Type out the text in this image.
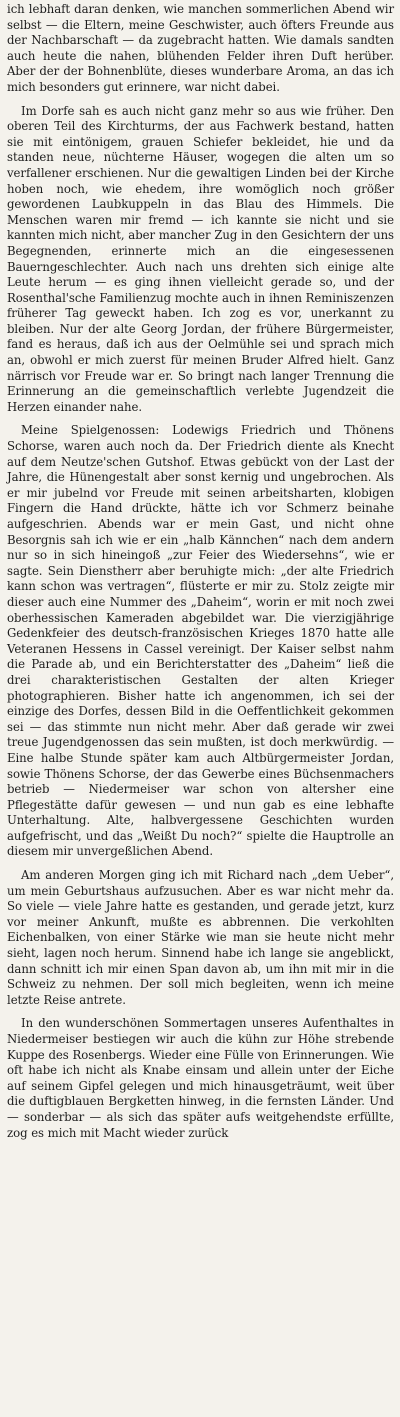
ich lebhaft daran denken, wie manchen sommerlichen Abend wir selbst — die Eltern, meine Geschwister, auch öfters Freunde aus der Nachbarschaft — da zugebracht hatten. Wie damals sandten auch heute die nahen, blühenden Felder ihren Duft herüber. Aber der der Bohnenblüte, dieses wunderbare Aroma, an das ich mich besonders gut erinnere, war nicht dabei.

Im Dorfe sah es auch nicht ganz mehr so aus wie früher. Den oberen Teil des Kirchturms, der aus Fachwerk bestand, hatten sie mit eintönigem, grauen Schiefer bekleidet, hie und da standen neue, nüchterne Häuser, wogegen die alten um so verfallener erschienen. Nur die gewaltigen Linden bei der Kirche hoben noch, wie ehedem, ihre womöglich noch größer gewordenen Laubkuppeln in das Blau des Himmels. Die Menschen waren mir fremd — ich kannte sie nicht und sie kannten mich nicht, aber mancher Zug in den Gesichtern der uns Begegnenden, erinnerte mich an die eingesessenen Bauerngeschlechter. Auch nach uns drehten sich einige alte Leute herum — es ging ihnen vielleicht gerade so, und der Rosenthal'sche Familienzug mochte auch in ihnen Reminiszenzen früherer Tag geweckt haben. Ich zog es vor, unerkannt zu bleiben. Nur der alte Georg Jordan, der frühere Bürgermeister, fand es heraus, daß ich aus der Oelmühle sei und sprach mich an, obwohl er mich zuerst für meinen Bruder Alfred hielt. Ganz närrisch vor Freude war er. So bringt nach langer Trennung die Erinnerung an die gemeinschaftlich verlebte Jugendzeit die Herzen einander nahe.

Meine Spielgenossen: Lodewigs Friedrich und Thönens Schorse, waren auch noch da. Der Friedrich diente als Knecht auf dem Neutze'schen Gutshof. Etwas gebückt von der Last der Jahre, die Hünengestalt aber sonst kernig und ungebrochen. Als er mir jubelnd vor Freude mit seinen arbeitsharten, klobigen Fingern die Hand drückte, hätte ich vor Schmerz beinahe aufgeschrien. Abends war er mein Gast, und nicht ohne Besorgnis sah ich wie er ein „halb Kännchen“ nach dem andern nur so in sich hineingoß „zur Feier des Wiedersehns“, wie er sagte. Sein Dienstherr aber beruhigte mich: „der alte Friedrich kann schon was vertragen“, flüsterte er mir zu. Stolz zeigte mir dieser auch eine Nummer des „Daheim“, worin er mit noch zwei oberhessischen Kameraden abgebildet war. Die vierzigjährige Gedenkfeier des deutsch-französischen Krieges 1870 hatte alle Veteranen Hessens in Cassel vereinigt. Der Kaiser selbst nahm die Parade ab, und ein Berichterstatter des „Daheim“ ließ die drei charakteristischen Gestalten der alten Krieger photographieren. Bisher hatte ich angenommen, ich sei der einzige des Dorfes, dessen Bild in die Oeffentlichkeit gekommen sei — das stimmte nun nicht mehr. Aber daß gerade wir zwei treue Jugendgenossen das sein mußten, ist doch merkwürdig. — Eine halbe Stunde später kam auch Altbürgermeister Jordan, sowie Thönens Schorse, der das Gewerbe eines Büchsenmachers betrieb — Niedermeiser war schon von altersher eine Pflegestätte dafür gewesen — und nun gab es eine lebhafte Unterhaltung. Alte, halbvergessene Geschichten wurden aufgefrischt, und das „Weißt Du noch?“ spielte die Hauptrolle an diesem mir unvergeßlichen Abend.

Am anderen Morgen ging ich mit Richard nach „dem Ueber“, um mein Geburtshaus aufzusuchen. Aber es war nicht mehr da. So viele — viele Jahre hatte es gestanden, und gerade jetzt, kurz vor meiner Ankunft, mußte es abbrennen. Die verkohlten Eichenbalken, von einer Stärke wie man sie heute nicht mehr sieht, lagen noch herum. Sinnend habe ich lange sie angeblickt, dann schnitt ich mir einen Span davon ab, um ihn mit mir in die Schweiz zu nehmen. Der soll mich begleiten, wenn ich meine letzte Reise antrete.

In den wunderschönen Sommertagen unseres Aufenthaltes in Niedermeiser bestiegen wir auch die kühn zur Höhe strebende Kuppe des Rosenbergs. Wieder eine Fülle von Erinnerungen. Wie oft habe ich nicht als Knabe einsam und allein unter der Eiche auf seinem Gipfel gelegen und mich hinausgeträumt, weit über die duftigblauen Bergketten hinweg, in die fernsten Länder. Und — sonderbar — als sich das später aufs weitgehendste erfüllte, zog es mich mit Macht wieder zurück
